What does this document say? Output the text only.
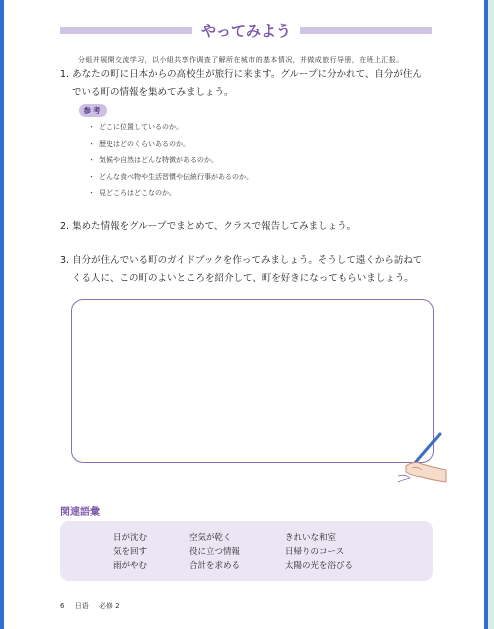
やってみよう
分組并展開交流学习，以小組共享作调查了解所在城市的基本情况，并做成旅行导册，在班上汇报。
1. あなたの町に日本からの高校生が旅行に来ます。グループに分かれて、自分が住ん
でいる町の情報を集めてみましょう。
参考
・ どこに位置しているのか。
・ 歴史はどのくらいあるのか。
・ 気候や自然はどんな特徴があるのか。
・ どんな食べ物や生活習慣や伝統行事があるのか。
・ 見どころはどこなのか。
2. 集めた情報をグループでまとめて、クラスで報告してみましょう。
3. 自分が住んでいる町のガイドブックを作ってみましょう。そうして遠くから訪ねて
くる人に、この町のよいところを紹介して、町を好きになってもらいましょう。
関連語彙
日が沈む
気を回す
雨がやむ
空気が乾く
役に立つ情報
合計を求める
きれいな和室
日帰りのコース
太陽の光を浴びる
6 日语 必修 2
